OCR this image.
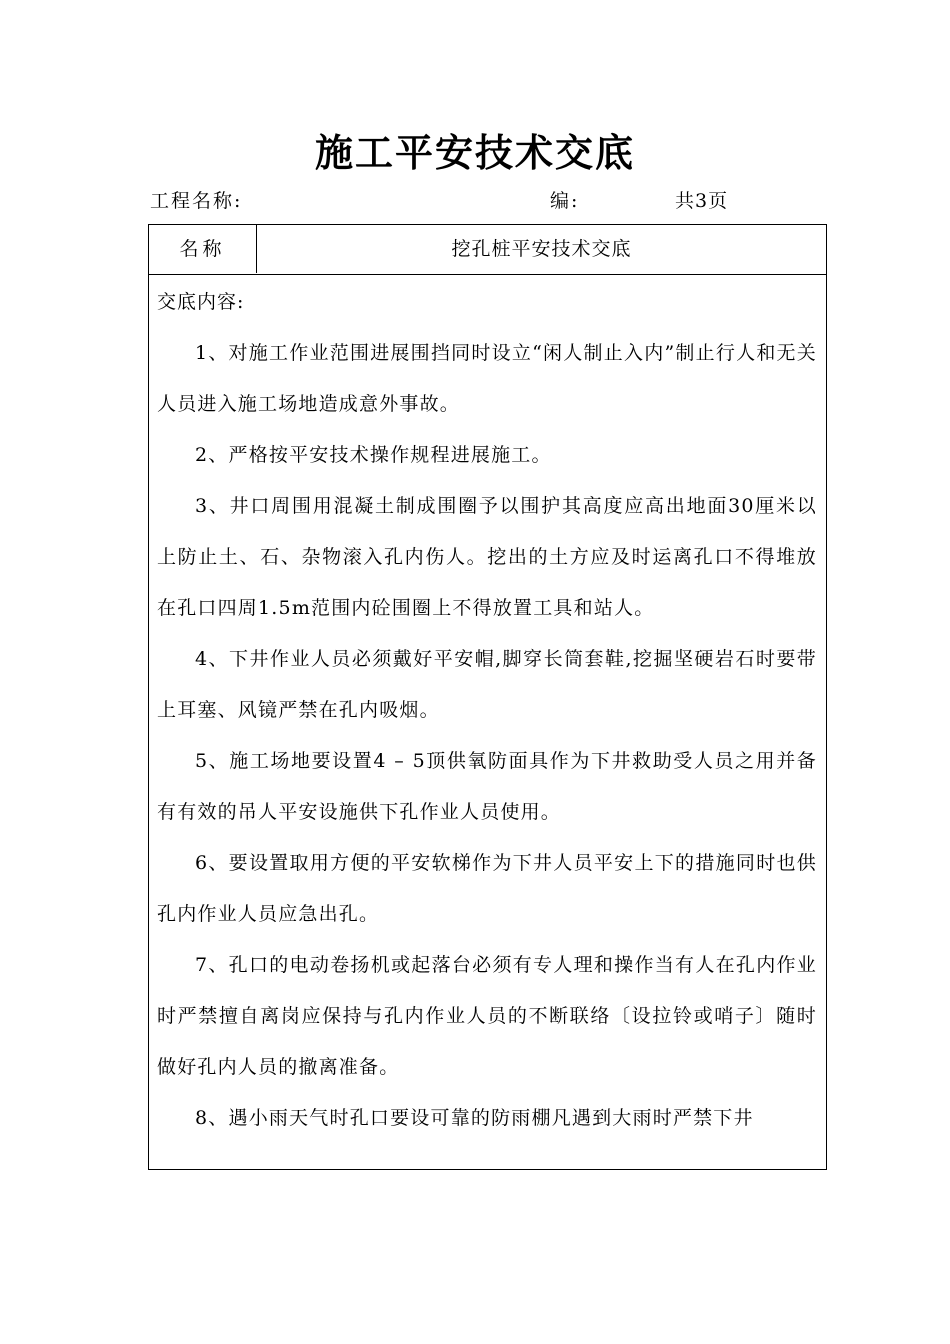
施工平安技术交底
工程名称:	编:	共3页
名称	挖孔桩平安技术交底
交底内容:

1、对施工作业范围进展围挡同时设立“闲人制止入内”制止行人和无关人员进入施工场地造成意外事故。

2、严格按平安技术操作规程进展施工。

3、井口周围用混凝土制成围圈予以围护其高度应高出地面30厘米以上防止土、石、杂物滚入孔内伤人。挖出的土方应及时运离孔口不得堆放在孔口四周1.5m范围内砼围圈上不得放置工具和站人。

4、下井作业人员必须戴好平安帽,脚穿长筒套鞋,挖掘坚硬岩石时要带上耳塞、风镜严禁在孔内吸烟。

5、施工场地要设置4 – 5顶供氧防面具作为下井救助受人员之用并备有有效的吊人平安设施供下孔作业人员使用。

6、要设置取用方便的平安软梯作为下井人员平安上下的措施同时也供孔内作业人员应急出孔。

7、孔口的电动卷扬机或起落台必须有专人理和操作当有人在孔内作业时严禁擅自离岗应保持与孔内作业人员的不断联络〔设拉铃或哨子〕随时做好孔内人员的撤离准备。

8、遇小雨天气时孔口要设可靠的防雨棚凡遇到大雨时严禁下井
